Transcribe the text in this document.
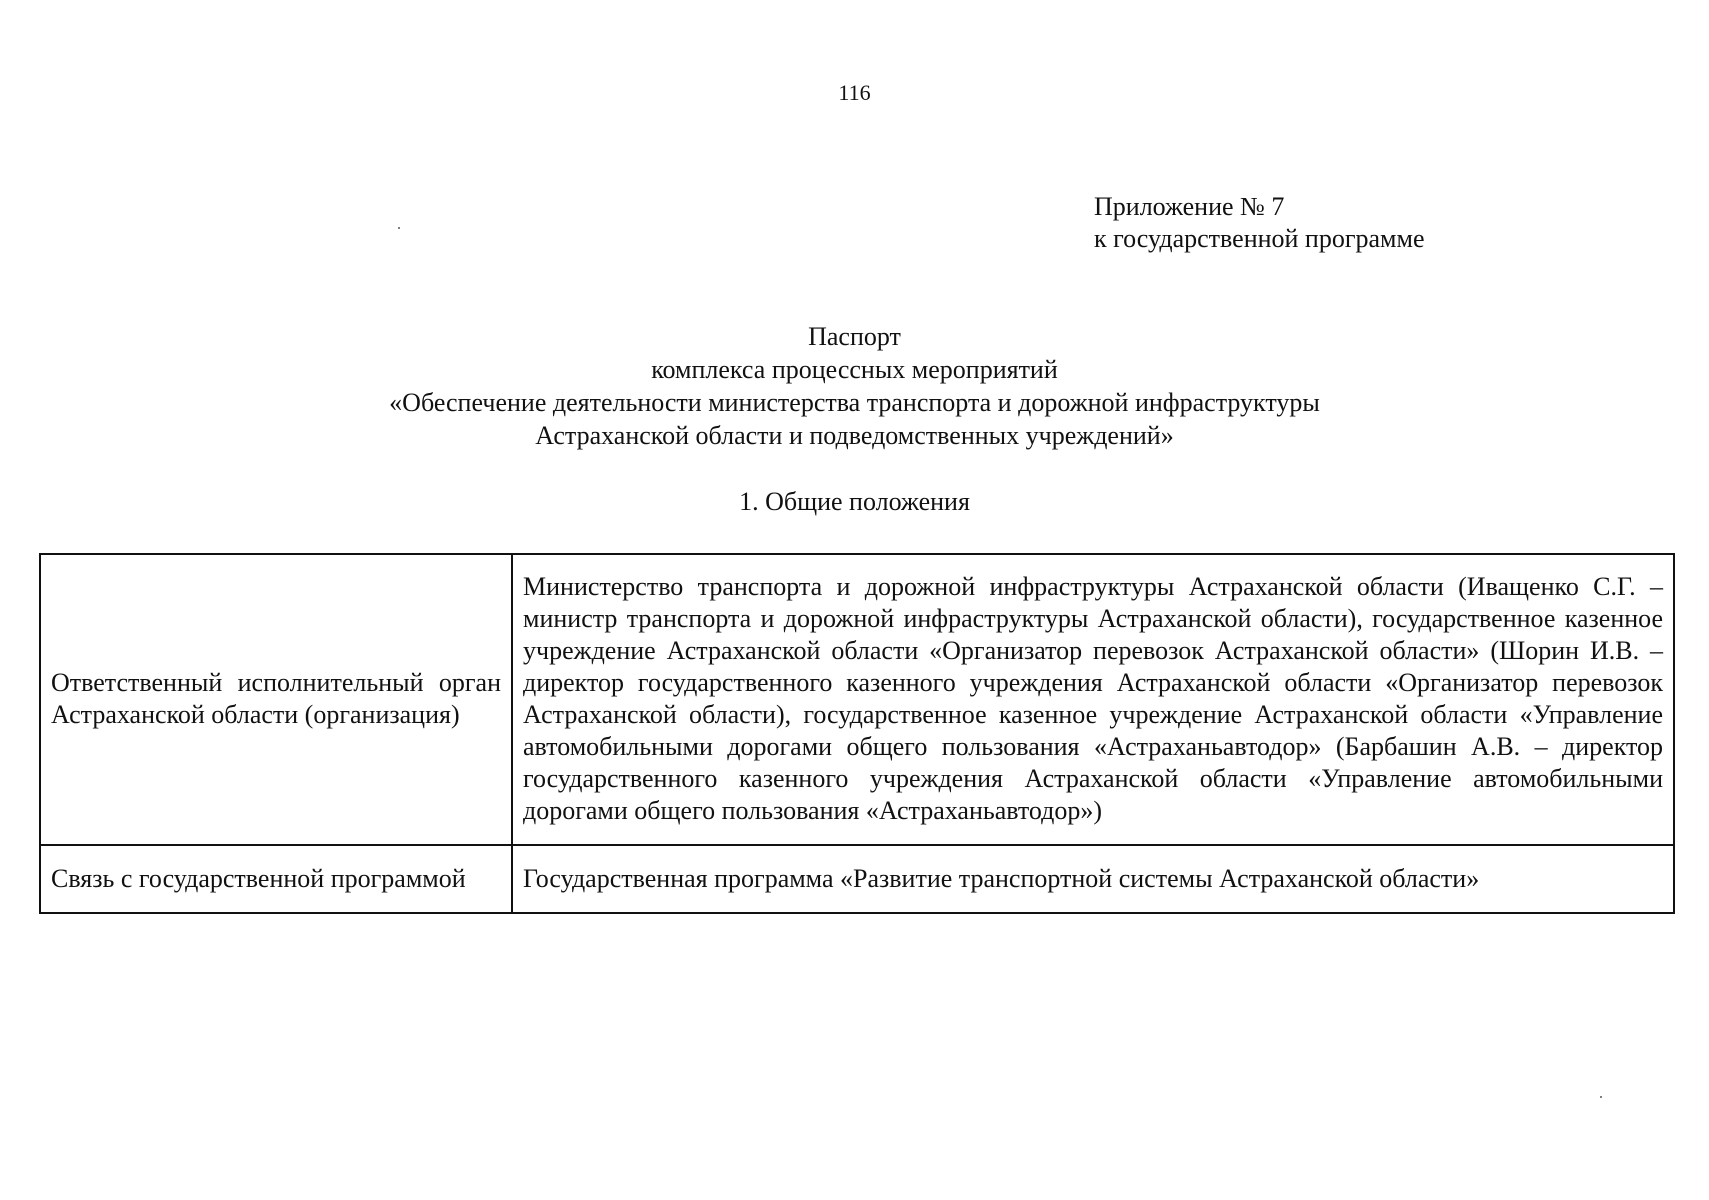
116
Приложение № 7
к государственной программе
Паспорт
комплекса процессных мероприятий
«Обеспечение деятельности министерства транспорта и дорожной инфраструктуры
Астраханской области и подведомственных учреждений»
1. Общие положения
Ответственный исполнительный орган Астраханской области (организация)	Министерство транспорта и дорожной инфраструктуры Астраханской области (Иващенко С.Г. – министр транспорта и дорожной инфраструктуры Астраханской области), государственное казенное учреждение Астраханской области «Организатор перевозок Астраханской области» (Шорин И.В. – директор государственного казенного учреждения Астраханской области «Организатор перевозок Астраханской области), государственное казенное учреждение Астраханской области «Управление автомобильными дорогами общего пользования «Астраханьавтодор» (Барбашин А.В. – директор государственного казенного учреждения Астраханской области «Управление автомобильными дорогами общего пользования «Астраханьавтодор»)
Связь с государственной программой	Государственная программа «Развитие транспортной системы Астраханской области»
